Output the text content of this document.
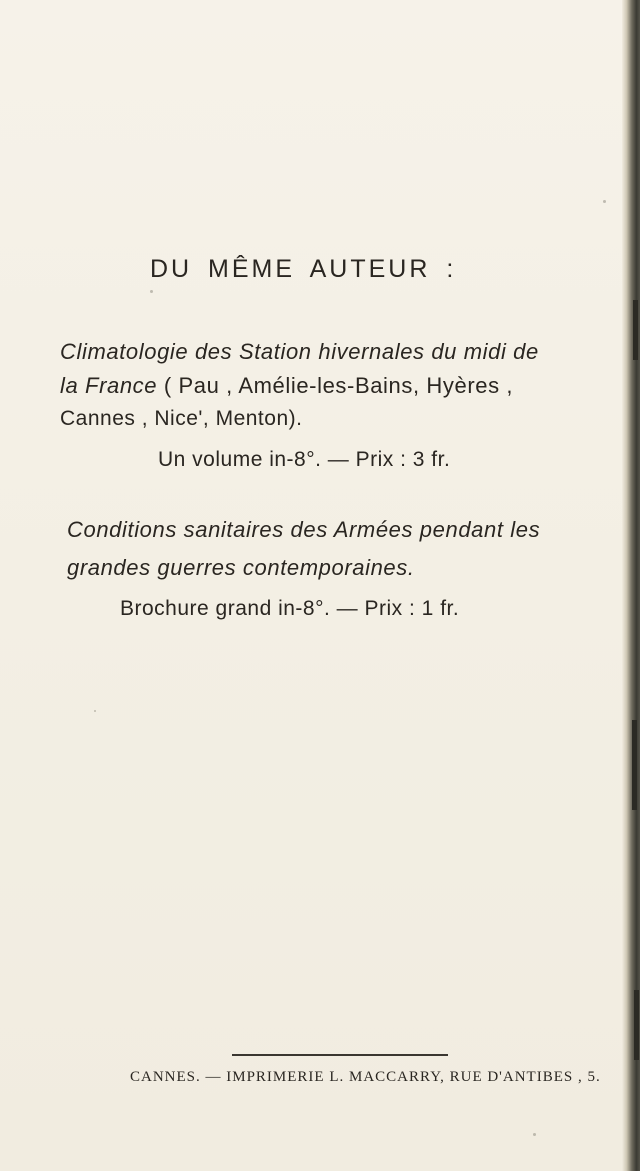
DU MÊME AUTEUR :
Climatologie des Station hivernales du midi de
la France ( Pau , Amélie-les-Bains, Hyères ,
Cannes , Nice', Menton).
Un volume in-8°. — Prix : 3 fr.
Conditions sanitaires des Armées pendant les
grandes guerres contemporaines.
Brochure grand in-8°. — Prix : 1 fr.
CANNES. — IMPRIMERIE L. MACCARRY, RUE D'ANTIBES , 5.
